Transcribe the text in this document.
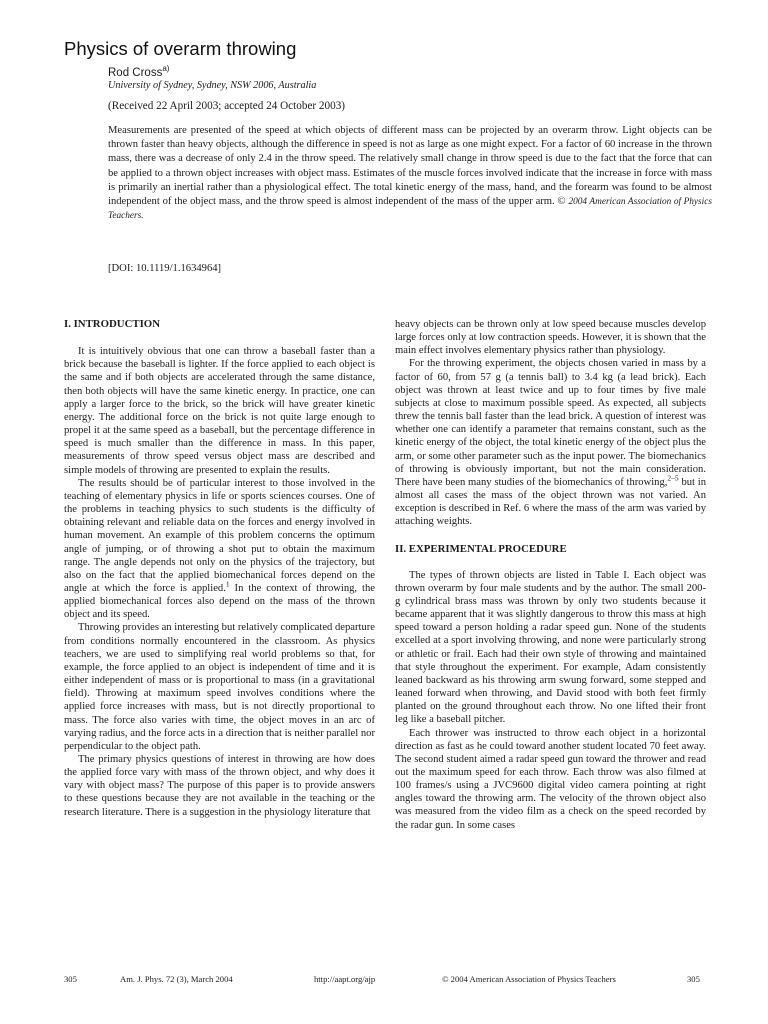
Physics of overarm throwing
Rod Cross$^{a)}$
University of Sydney, Sydney, NSW 2006, Australia
(Received 22 April 2003; accepted 24 October 2003)
Measurements are presented of the speed at which objects of different mass can be projected by an overarm throw. Light objects can be thrown faster than heavy objects, although the difference in speed is not as large as one might expect. For a factor of 60 increase in the thrown mass, there was a decrease of only 2.4 in the throw speed. The relatively small change in throw speed is due to the fact that the force that can be applied to a thrown object increases with object mass. Estimates of the muscle forces involved indicate that the increase in force with mass is primarily an inertial rather than a physiological effect. The total kinetic energy of the mass, hand, and the forearm was found to be almost independent of the object mass, and the throw speed is almost independent of the mass of the upper arm. © 2004 American Association of Physics Teachers.
[DOI: 10.1119/1.1634964]
I. INTRODUCTION

It is intuitively obvious that one can throw a baseball faster than a brick because the baseball is lighter. If the force applied to each object is the same and if both objects are accelerated through the same distance, then both objects will have the same kinetic energy. In practice, one can apply a larger force to the brick, so the brick will have greater kinetic energy. The additional force on the brick is not quite large enough to propel it at the same speed as a baseball, but the percentage difference in speed is much smaller than the difference in mass. In this paper, measurements of throw speed versus object mass are described and simple models of throwing are presented to explain the results.

The results should be of particular interest to those involved in the teaching of elementary physics in life or sports sciences courses. One of the problems in teaching physics to such students is the difficulty of obtaining relevant and reliable data on the forces and energy involved in human movement. An example of this problem concerns the optimum angle of jumping, or of throwing a shot put to obtain the maximum range. The angle depends not only on the physics of the trajectory, but also on the fact that the applied biomechanical forces depend on the angle at which the force is applied.$^1$ In the context of throwing, the applied biomechanical forces also depend on the mass of the thrown object and its speed.

Throwing provides an interesting but relatively complicated departure from conditions normally encountered in the classroom. As physics teachers, we are used to simplifying real world problems so that, for example, the force applied to an object is independent of time and it is either independent of mass or is proportional to mass (in a gravitational field). Throwing at maximum speed involves conditions where the applied force increases with mass, but is not directly proportional to mass. The force also varies with time, the object moves in an arc of varying radius, and the force acts in a direction that is neither parallel nor perpendicular to the object path.

The primary physics questions of interest in throwing are how does the applied force vary with mass of the thrown object, and why does it vary with object mass? The purpose of this paper is to provide answers to these questions because they are not available in the teaching or the research literature. There is a suggestion in the physiology literature that

heavy objects can be thrown only at low speed because muscles develop large forces only at low contraction speeds. However, it is shown that the main effect involves elementary physics rather than physiology.

For the throwing experiment, the objects chosen varied in mass by a factor of 60, from 57 g (a tennis ball) to 3.4 kg (a lead brick). Each object was thrown at least twice and up to four times by five male subjects at close to maximum possible speed. As expected, all subjects threw the tennis ball faster than the lead brick. A question of interest was whether one can identify a parameter that remains constant, such as the kinetic energy of the object, the total kinetic energy of the object plus the arm, or some other parameter such as the input power. The biomechanics of throwing is obviously important, but not the main consideration. There have been many studies of the biomechanics of throwing,$^{2-5}$ but in almost all cases the mass of the object thrown was not varied. An exception is described in Ref. 6 where the mass of the arm was varied by attaching weights.

II. EXPERIMENTAL PROCEDURE

The types of thrown objects are listed in Table I. Each object was thrown overarm by four male students and by the author. The small 200-g cylindrical brass mass was thrown by only two students because it became apparent that it was slightly dangerous to throw this mass at high speed toward a person holding a radar speed gun. None of the students excelled at a sport involving throwing, and none were particularly strong or athletic or frail. Each had their own style of throwing and maintained that style throughout the experiment. For example, Adam consistently leaned backward as his throwing arm swung forward, some stepped and leaned forward when throwing, and David stood with both feet firmly planted on the ground throughout each throw. No one lifted their front leg like a baseball pitcher.

Each thrower was instructed to throw each object in a horizontal direction as fast as he could toward another student located 70 feet away. The second student aimed a radar speed gun toward the thrower and read out the maximum speed for each throw. Each throw was also filmed at 100 frames/s using a JVC9600 digital video camera pointing at right angles toward the throwing arm. The velocity of the thrown object also was measured from the video film as a check on the speed recorded by the radar gun. In some cases

305	Am. J. Phys. 72 (3), March 2004	http://aapt.org/ajp	© 2004 American Association of Physics Teachers	305
